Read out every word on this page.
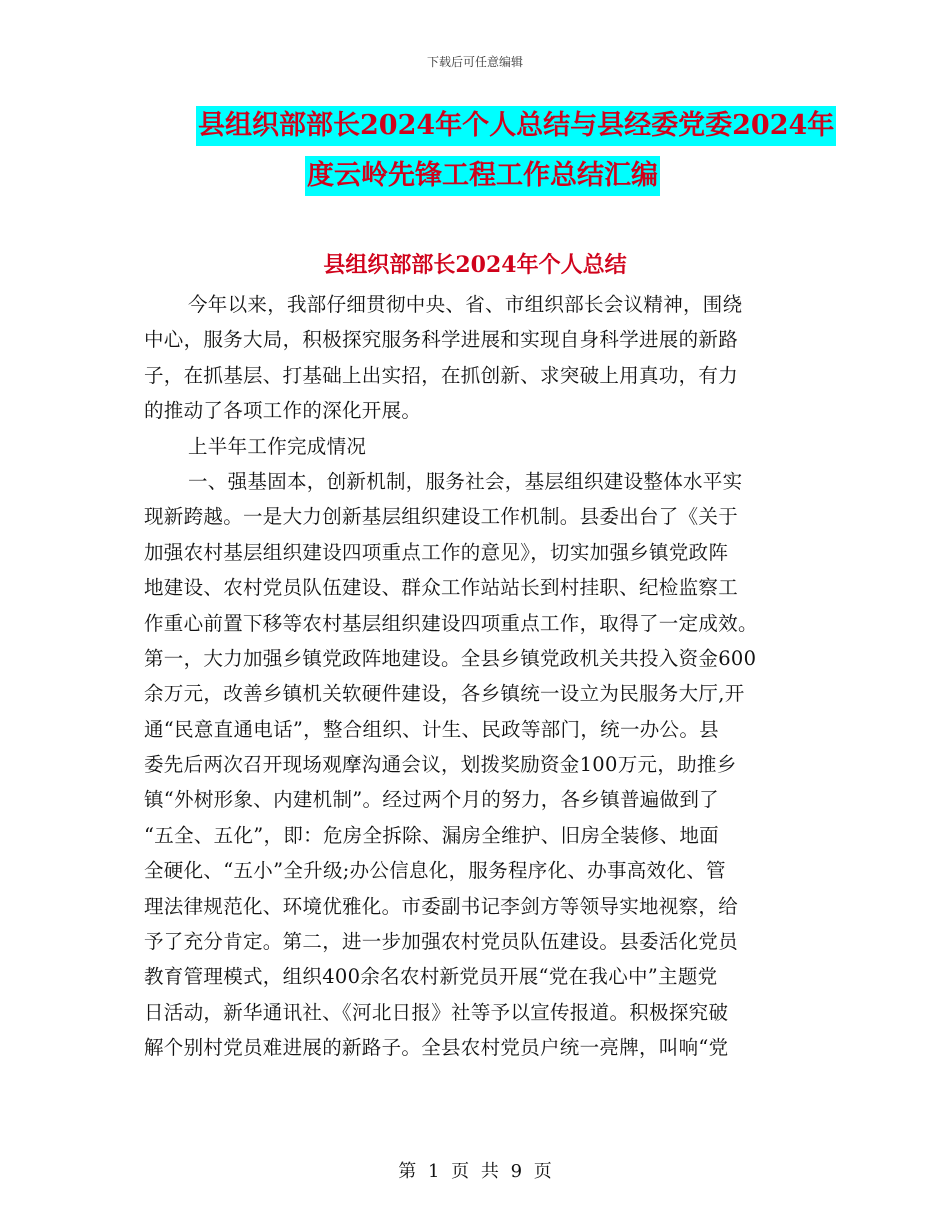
下载后可任意编辑
县组织部部长2024年个人总结与县经委党委2024年
度云岭先锋工程工作总结汇编
县组织部部长2024年个人总结
今年以来，我部仔细贯彻中央、省、市组织部长会议精神，围绕
中心，服务大局，积极探究服务科学进展和实现自身科学进展的新路
子，在抓基层、打基础上出实招，在抓创新、求突破上用真功，有力
的推动了各项工作的深化开展。
上半年工作完成情况
一、强基固本，创新机制，服务社会，基层组织建设整体水平实
现新跨越。一是大力创新基层组织建设工作机制。县委出台了《关于
加强农村基层组织建设四项重点工作的意见》，切实加强乡镇党政阵
地建设、农村党员队伍建设、群众工作站站长到村挂职、纪检监察工
作重心前置下移等农村基层组织建设四项重点工作，取得了一定成效。
第一，大力加强乡镇党政阵地建设。全县乡镇党政机关共投入资金600
余万元，改善乡镇机关软硬件建设，各乡镇统一设立为民服务大厅,开
通“民意直通电话”，整合组织、计生、民政等部门，统一办公。县
委先后两次召开现场观摩沟通会议，划拨奖励资金100万元，助推乡
镇“外树形象、内建机制”。经过两个月的努力，各乡镇普遍做到了
“五全、五化”，即：危房全拆除、漏房全维护、旧房全装修、地面
全硬化、“五小”全升级;办公信息化，服务程序化、办事高效化、管
理法律规范化、环境优雅化。市委副书记李剑方等领导实地视察，给
予了充分肯定。第二，进一步加强农村党员队伍建设。县委活化党员
教育管理模式，组织400余名农村新党员开展“党在我心中”主题党
日活动，新华通讯社、《河北日报》社等予以宣传报道。积极探究破
解个别村党员难进展的新路子。全县农村党员户统一亮牌，叫响“党
第 1 页 共 9 页
